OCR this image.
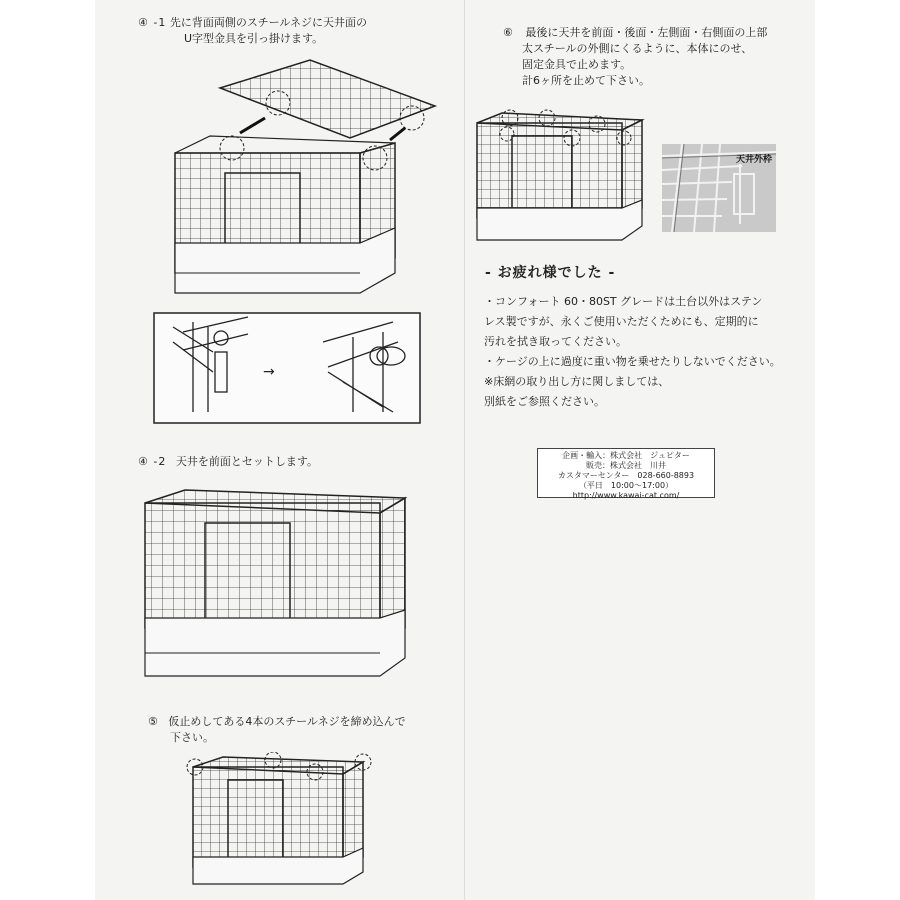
④ -1 先に背面両側のスチールネジに天井面の
U字型金具を引っ掛けます。
→
④ -2 天井を前面とセットします。
⑤ 仮止めしてある4本のスチールネジを締め込んで
下さい。
⑥ 最後に天井を前面・後面・左側面・右側面の上部
太スチールの外側にくるように、本体にのせ、
固定金具で止めます。
計6ヶ所を止めて下さい。
天井外枠
- お疲れ様でした -
・コンフォート 60・80ST グレードは土台以外はステン
レス製ですが、永くご使用いただくためにも、定期的に
汚れを拭き取ってください。
・ケージの上に過度に重い物を乗せたりしないでください。
※床網の取り出し方に関しましては、
別紙をご参照ください。
企画・輸入：株式会社　ジュピター
販売：株式会社　川井
カスタマーセンター　028-660-8893
（平日　10:00～17:00）
http://www.kawai-cat.com/
